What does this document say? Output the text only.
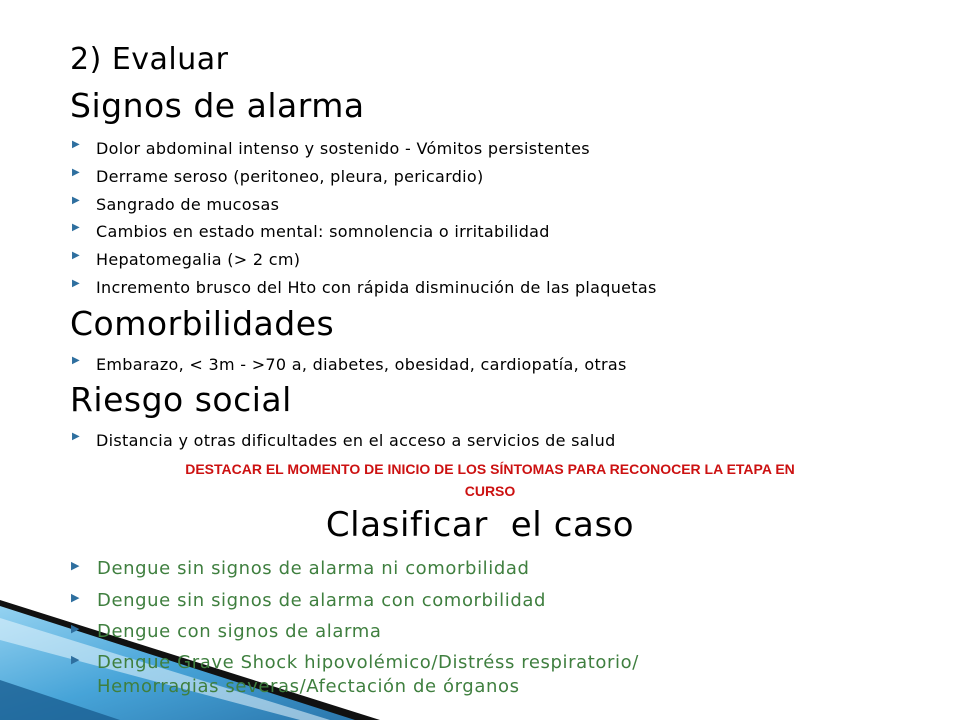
2) Evaluar
Signos de alarma
▶ Dolor abdominal intenso y sostenido - Vómitos persistentes
▶ Derrame seroso (peritoneo, pleura, pericardio)
▶ Sangrado de mucosas
▶ Cambios en estado mental: somnolencia o irritabilidad
▶ Hepatomegalia (> 2 cm)
▶ Incremento brusco del Hto con rápida disminución de las plaquetas
Comorbilidades
▶ Embarazo, < 3m - >70 a, diabetes, obesidad, cardiopatía, otras
Riesgo social
▶ Distancia y otras dificultades en el acceso a servicios de salud
DESTACAR EL MOMENTO DE INICIO DE LOS SÍNTOMAS PARA RECONOCER LA ETAPA EN
CURSO
Clasificar  el caso
▶ Dengue sin signos de alarma ni comorbilidad
▶ Dengue sin signos de alarma con comorbilidad
▶ Dengue con signos de alarma
▶ Dengue Grave Shock hipovolémico/Distréss respiratorio/
Hemorragias severas/Afectación de órganos
